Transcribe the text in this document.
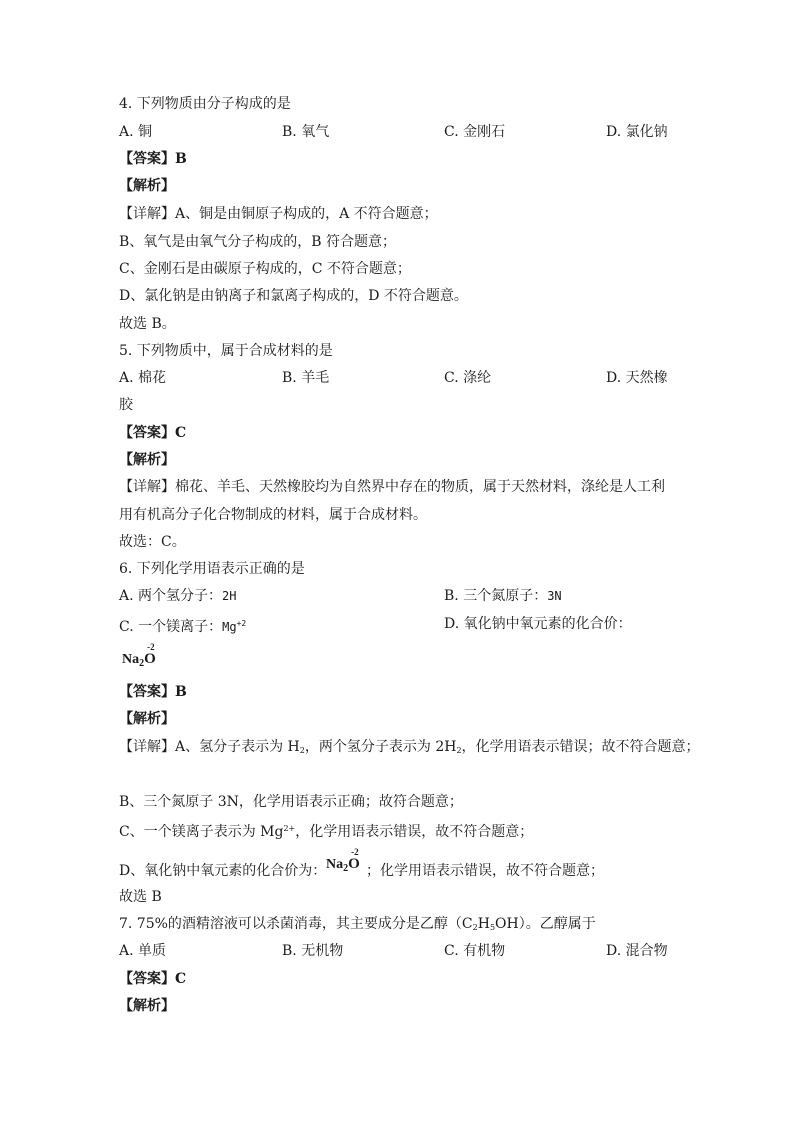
4. 下列物质由分子构成的是
A. 铜	B. 氧气	C. 金刚石	D. 氯化钠
【答案】B
【解析】
【详解】A、铜是由铜原子构成的，A 不符合题意；
B、氧气是由氧气分子构成的，B 符合题意；
C、金刚石是由碳原子构成的，C 不符合题意；
D、氯化钠是由钠离子和氯离子构成的，D 不符合题意。
故选 B。
5. 下列物质中，属于合成材料的是
A. 棉花	B. 羊毛	C. 涤纶	D. 天然橡
胶
【答案】C
【解析】
【详解】棉花、羊毛、天然橡胶均为自然界中存在的物质，属于天然材料，涤纶是人工利
用有机高分子化合物制成的材料，属于合成材料。
故选：C。
6. 下列化学用语表示正确的是
A. 两个氢分子：2H	B. 三个氮原子：3N
C. 一个镁离子：$Mg^{+2}$	D. 氧化钠中氧元素的化合价：
Na2O
-2
【答案】B
【解析】
【详解】A、氢分子表示为 $H_2$，两个氢分子表示为 $2H_2$，化学用语表示错误；故不符合题意；
B、三个氮原子 3N，化学用语表示正确；故符合题意；
C、一个镁离子表示为 $Mg^{2+}$，化学用语表示错误，故不符合题意；
D、氧化钠中氧元素的化合价为： Na2O
-2
；化学用语表示错误，故不符合题意；
故选 B
7. 75%的酒精溶液可以杀菌消毒，其主要成分是乙醇$(C_2H_5OH)$。乙醇属于
A. 单质	B. 无机物	C. 有机物	D. 混合物
【答案】C
【解析】
